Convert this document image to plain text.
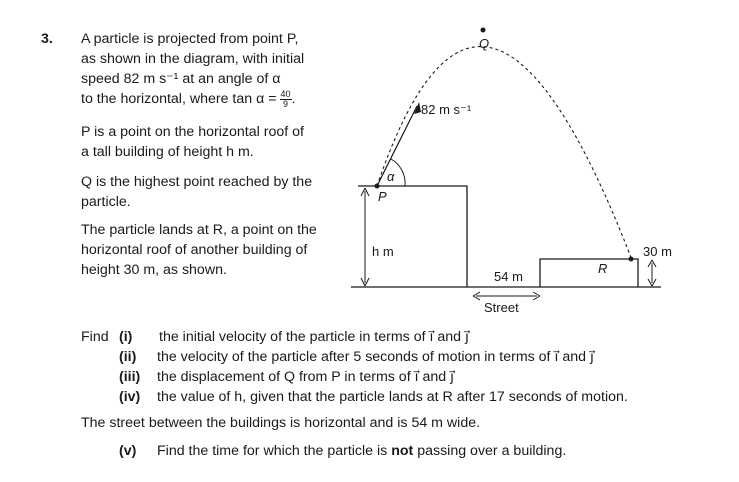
3. A particle is projected from point P,
as shown in the diagram, with initial
speed 82 m s⁻¹ at an angle of α
to the horizontal, where $\tan \alpha = \frac{40}{9}$ .
P is a point on the horizontal roof of
a tall building of height h m.
Q is the highest point reached by the
particle.
The particle lands at R, a point on the
horizontal roof of another building of
height 30 m, as shown.
82 m s⁻¹
α
P
h m
R
30 m
54 m
Street
Q
Find (i) the initial velocity of the particle in terms of ı⃗ and ȷ⃗
(ii) the velocity of the particle after 5 seconds of motion in terms of ı⃗ and ȷ⃗
(iii) the displacement of Q from P in terms of ı⃗ and ȷ⃗
(iv) the value of h, given that the particle lands at R after 17 seconds of motion.
The street between the buildings is horizontal and is 54 m wide.
(v) Find the time for which the particle is not passing over a building.
